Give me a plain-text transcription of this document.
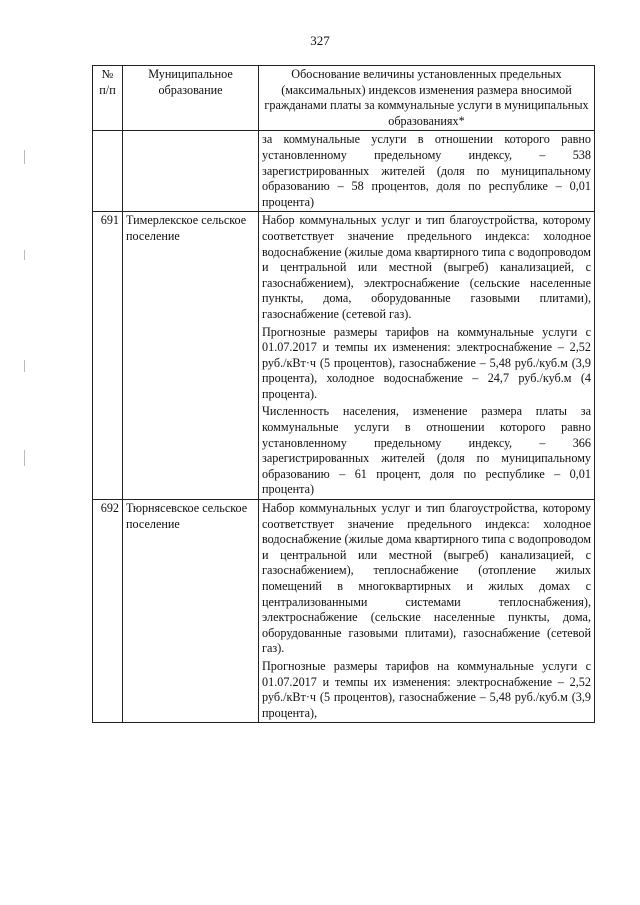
327
№ п/п	Муниципальное образование	Обоснование величины установленных предельных (максимальных) индексов изменения размера вносимой гражданами платы за коммунальные услуги в муниципальных образованиях*

		за коммунальные услуги в отношении которого равно установленному предельному индексу, – 538 зарегистрированных жителей (доля по муниципальному образованию – 58 процентов, доля по республике – 0,01 процента)

691	Тимерлекское сельское поселение	Набор коммунальных услуг и тип благоустройства, которому соответствует значение предельного индекса: холодное водоснабжение (жилые дома квартирного типа с водопроводом и центральной или местной (выгреб) канализацией, с газоснабжением), электроснабжение (сельские населенные пункты, дома, оборудованные газовыми плитами), газоснабжение (сетевой газ).

Прогнозные размеры тарифов на коммунальные услуги с 01.07.2017 и темпы их изменения: электроснабжение – 2,52 руб./кВт·ч (5 процентов), газоснабжение – 5,48 руб./куб.м (3,9 процента), холодное водоснабжение – 24,7 руб./куб.м (4 процента).

Численность населения, изменение размера платы за коммунальные услуги в отношении которого равно установленному предельному индексу, – 366 зарегистрированных жителей (доля по муниципальному образованию – 61 процент, доля по республике – 0,01 процента)

692	Тюрнясевское сельское поселение	Набор коммунальных услуг и тип благоустройства, которому соответствует значение предельного индекса: холодное водоснабжение (жилые дома квартирного типа с водопроводом и центральной или местной (выгреб) канализацией, с газоснабжением), теплоснабжение (отопление жилых помещений в многоквартирных и жилых домах с централизованными системами теплоснабжения), электроснабжение (сельские населенные пункты, дома, оборудованные газовыми плитами), газоснабжение (сетевой газ).

Прогнозные размеры тарифов на коммунальные услуги с 01.07.2017 и темпы их изменения: электроснабжение – 2,52 руб./кВт·ч (5 процентов), газоснабжение – 5,48 руб./куб.м (3,9 процента),
